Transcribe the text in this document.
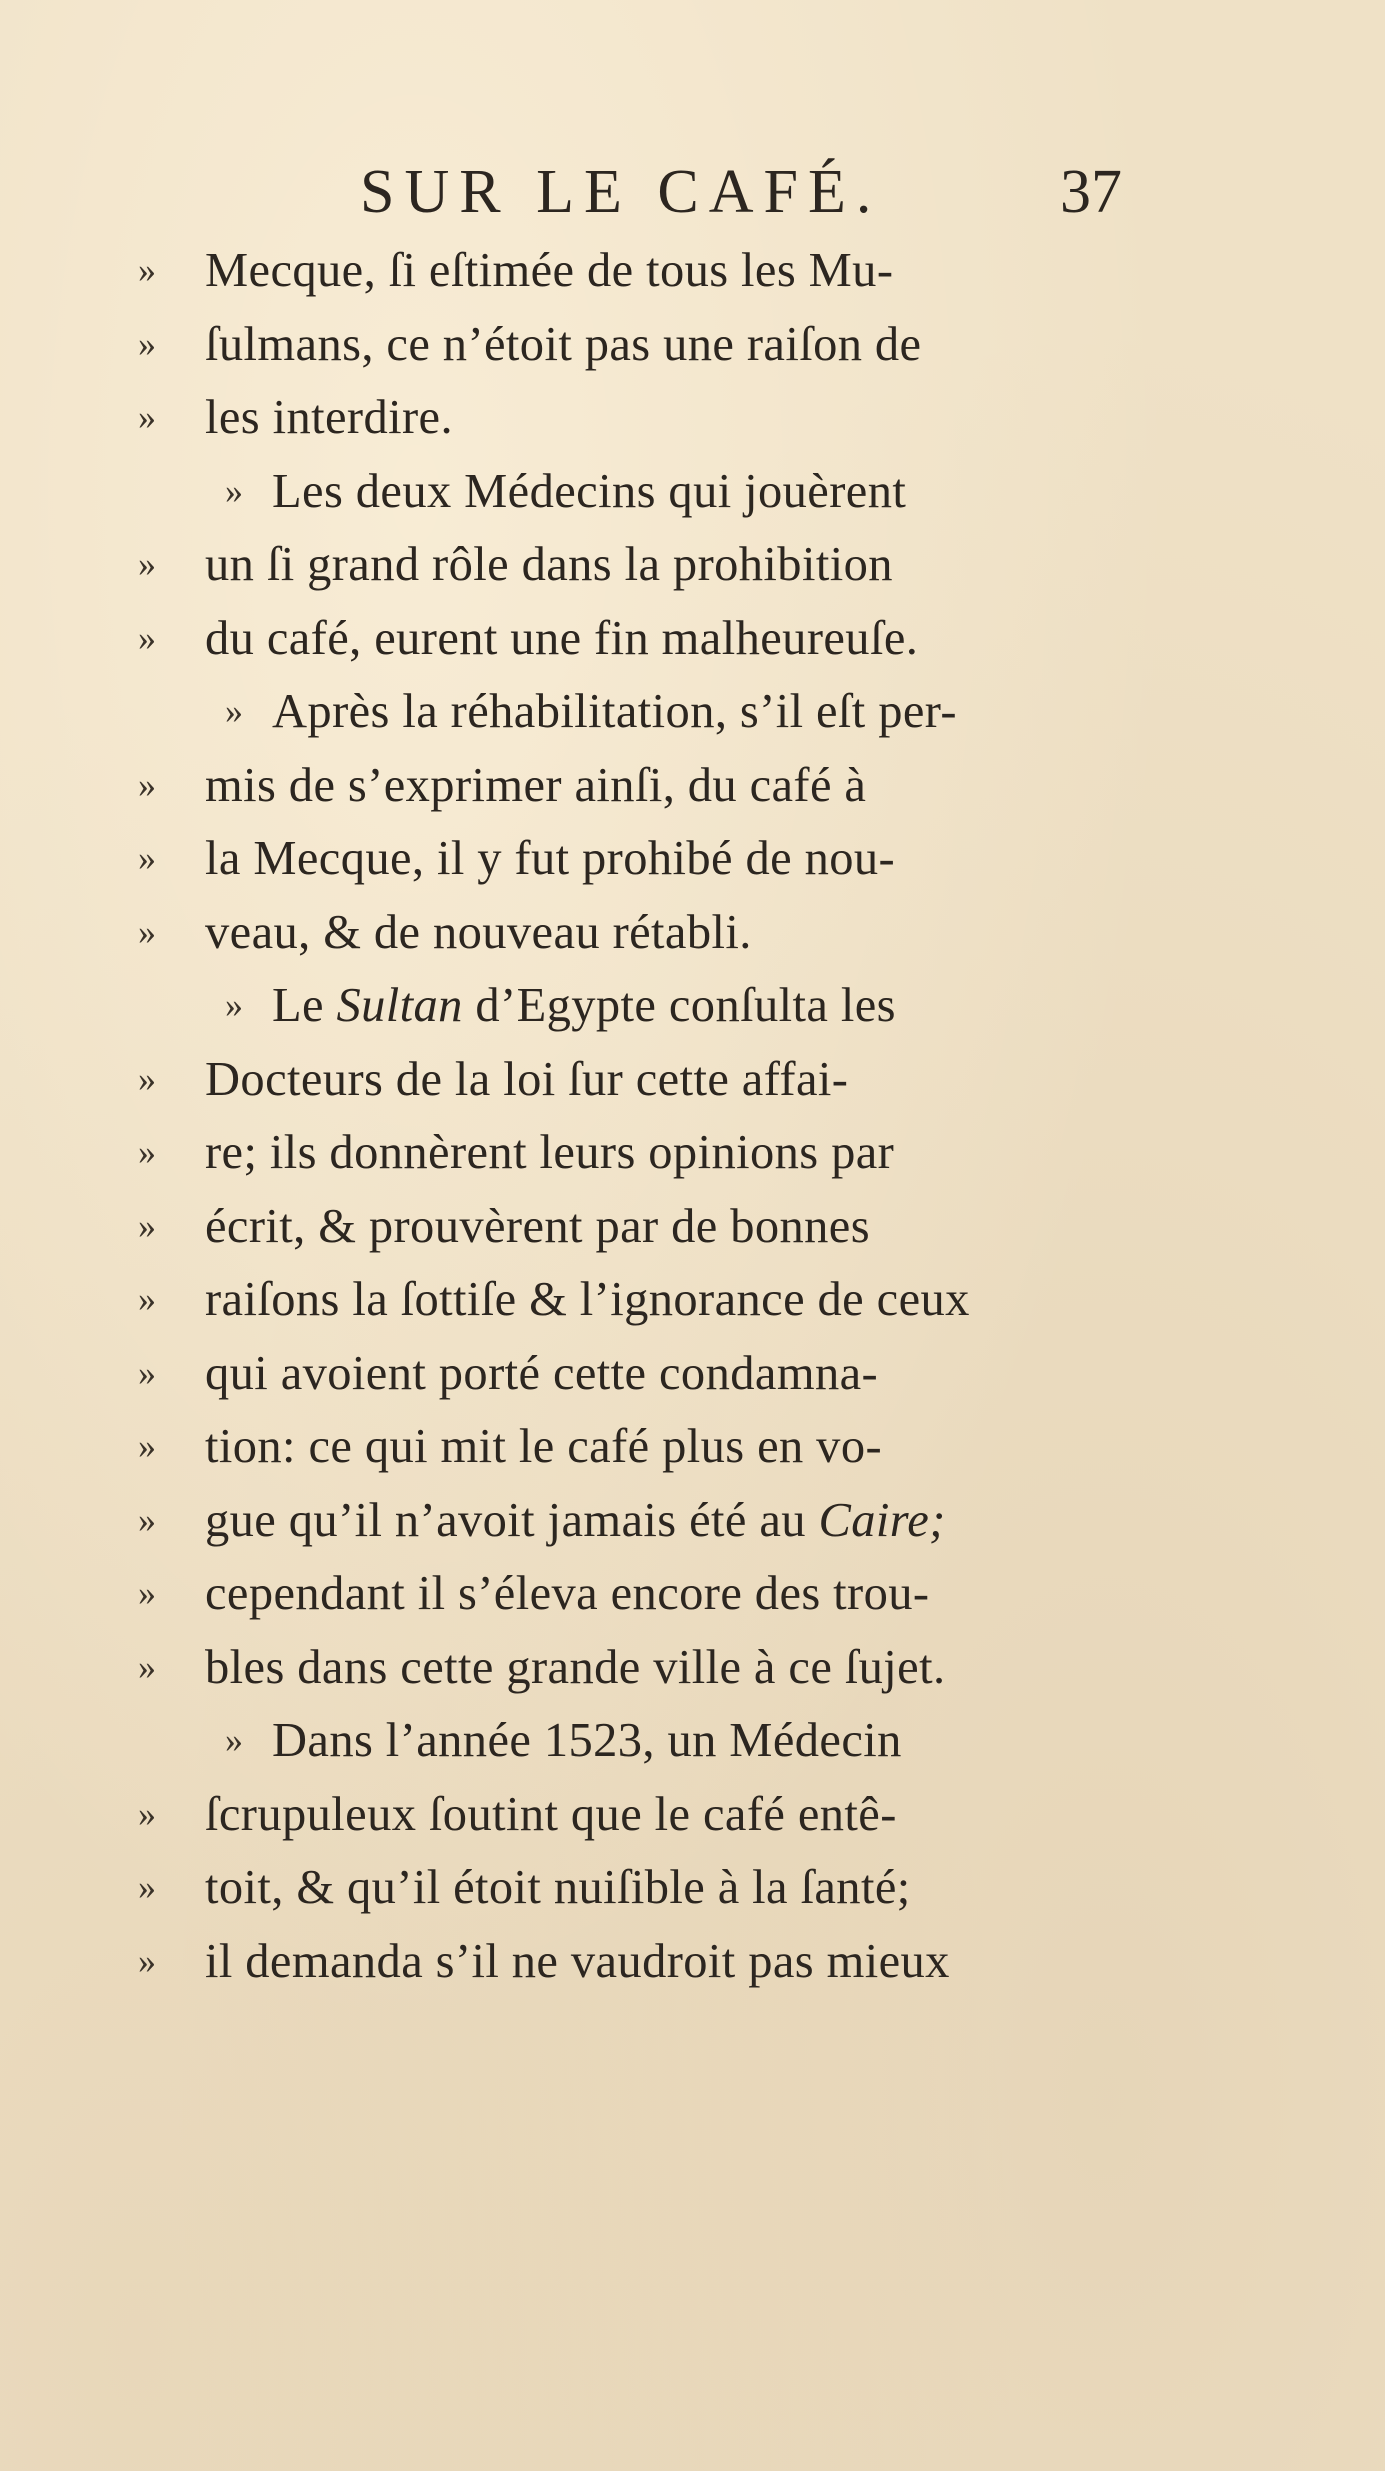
SUR LE CAFÉ.	37
»	Mecque, ſi eſtimée de tous les Mu-
»	ſulmans, ce n’étoit pas une raiſon de
»	les interdire.
» Les deux Médecins qui jouèrent
»	un ſi grand rôle dans la prohibition
»	du café, eurent une fin malheureuſe.
» Après la réhabilitation, s’il eſt per-
»	mis de s’exprimer ainſi, du café à
»	la Mecque, il y fut prohibé de nou-
»	veau, & de nouveau rétabli.
» Le Sultan d’Egypte conſulta les
»	Docteurs de la loi ſur cette affai-
»	re; ils donnèrent leurs opinions par
»	écrit, & prouvèrent par de bonnes
»	raiſons la ſottiſe & l’ignorance de ceux
»	qui avoient porté cette condamna-
»	tion: ce qui mit le café plus en vo-
»	gue qu’il n’avoit jamais été au Caire;
»	cependant il s’éleva encore des trou-
»	bles dans cette grande ville à ce ſujet.
» Dans l’année 1523, un Médecin
»	ſcrupuleux ſoutint que le café entê-
»	toit, & qu’il étoit nuiſible à la ſanté;
»	il demanda s’il ne vaudroit pas mieux
